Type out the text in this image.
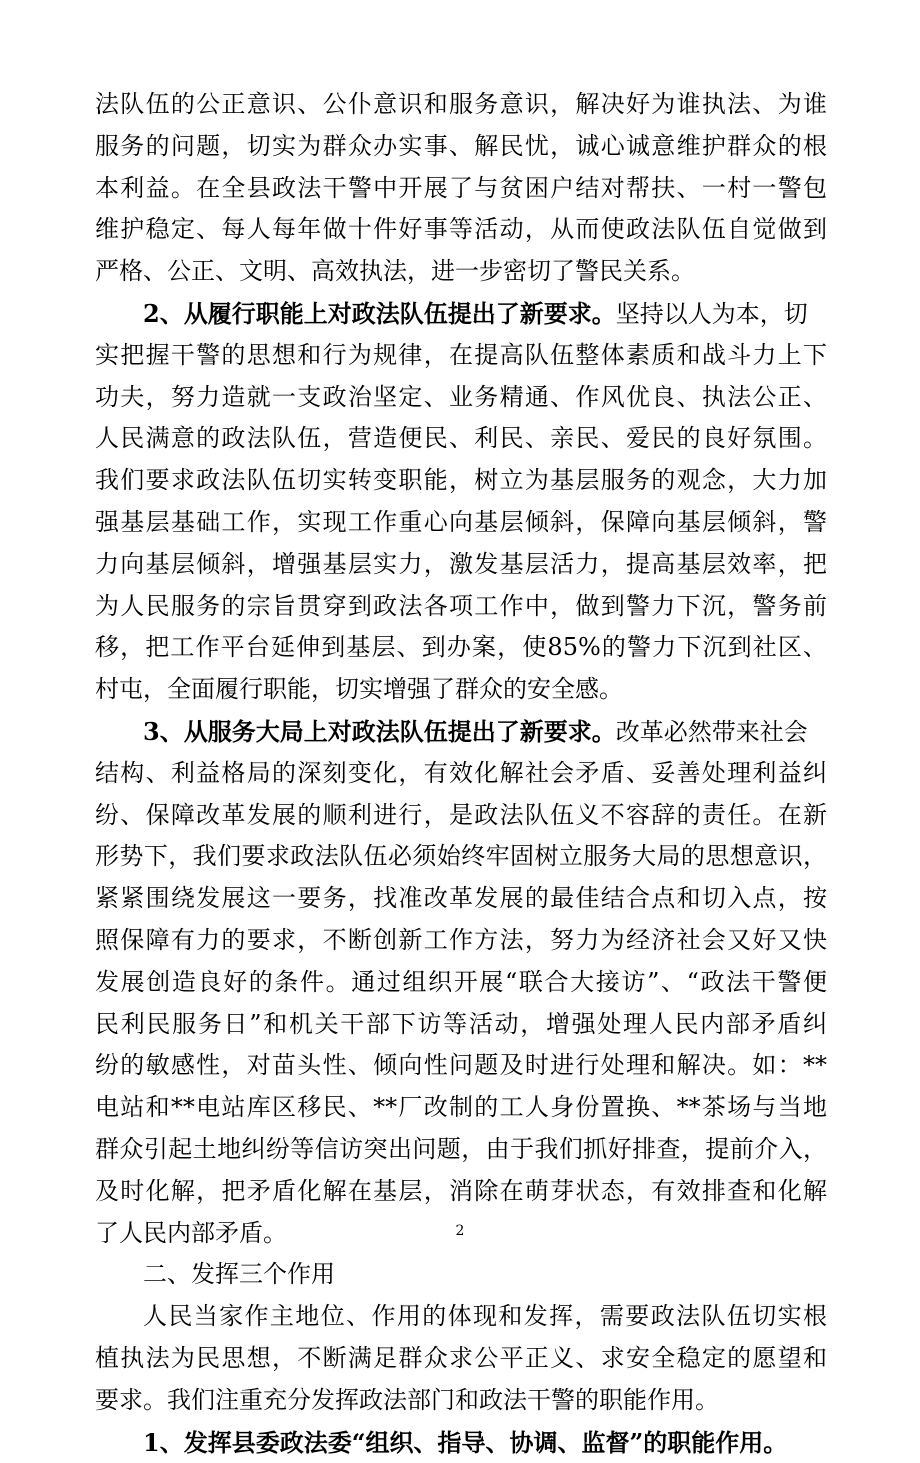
法队伍的公正意识、公仆意识和服务意识，解决好为谁执法、为谁
服务的问题，切实为群众办实事、解民忧，诚心诚意维护群众的根
本利益。在全县政法干警中开展了与贫困户结对帮扶、一村一警包
维护稳定、每人每年做十件好事等活动，从而使政法队伍自觉做到
严格、公正、文明、高效执法，进一步密切了警民关系。
2、从履行职能上对政法队伍提出了新要求。坚持以人为本，切
实把握干警的思想和行为规律，在提高队伍整体素质和战斗力上下
功夫，努力造就一支政治坚定、业务精通、作风优良、执法公正、
人民满意的政法队伍，营造便民、利民、亲民、爱民的良好氛围。
我们要求政法队伍切实转变职能，树立为基层服务的观念，大力加
强基层基础工作，实现工作重心向基层倾斜，保障向基层倾斜，警
力向基层倾斜，增强基层实力，激发基层活力，提高基层效率，把
为人民服务的宗旨贯穿到政法各项工作中，做到警力下沉，警务前
移，把工作平台延伸到基层、到办案，使85%的警力下沉到社区、
村屯，全面履行职能，切实增强了群众的安全感。
3、从服务大局上对政法队伍提出了新要求。改革必然带来社会
结构、利益格局的深刻变化，有效化解社会矛盾、妥善处理利益纠
纷、保障改革发展的顺利进行，是政法队伍义不容辞的责任。在新
形势下，我们要求政法队伍必须始终牢固树立服务大局的思想意识，
紧紧围绕发展这一要务，找准改革发展的最佳结合点和切入点，按
照保障有力的要求，不断创新工作方法，努力为经济社会又好又快
发展创造良好的条件。通过组织开展“联合大接访”、“政法干警便
民利民服务日”和机关干部下访等活动，增强处理人民内部矛盾纠
纷的敏感性，对苗头性、倾向性问题及时进行处理和解决。如：**
电站和**电站库区移民、**厂改制的工人身份置换、**茶场与当地
群众引起土地纠纷等信访突出问题，由于我们抓好排查，提前介入，
及时化解，把矛盾化解在基层，消除在萌芽状态，有效排查和化解
了人民内部矛盾。
二、发挥三个作用
人民当家作主地位、作用的体现和发挥，需要政法队伍切实根
植执法为民思想，不断满足群众求公平正义、求安全稳定的愿望和
要求。我们注重充分发挥政法部门和政法干警的职能作用。
1、发挥县委政法委“组织、指导、协调、监督”的职能作用。
2
